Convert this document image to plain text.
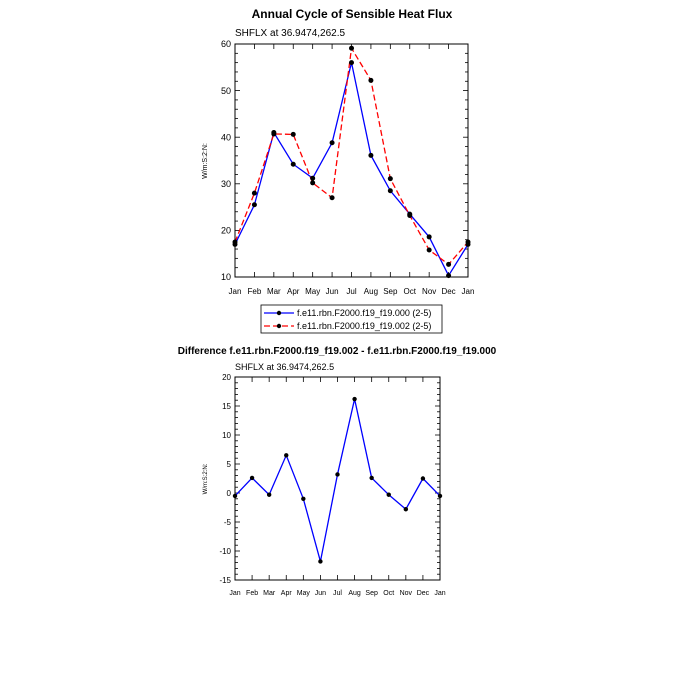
Annual Cycle of Sensible Heat Flux
SHFLX at 36.9474,262.5
W/m:S:2:N:
10
20
30
40
50
60
Jan Feb Mar Apr May Jun Jul Aug Sep Oct Nov Dec Jan
f.e11.rbn.F2000.f19_f19.000 (2-5)
f.e11.rbn.F2000.f19_f19.002 (2-5)
Difference f.e11.rbn.F2000.f19_f19.002 - f.e11.rbn.F2000.f19_f19.000
SHFLX at 36.9474,262.5
W/m:S:2:N:
-15
-10
-5
0
5
10
15
20
Jan Feb Mar Apr May Jun Jul Aug Sep Oct Nov Dec Jan
